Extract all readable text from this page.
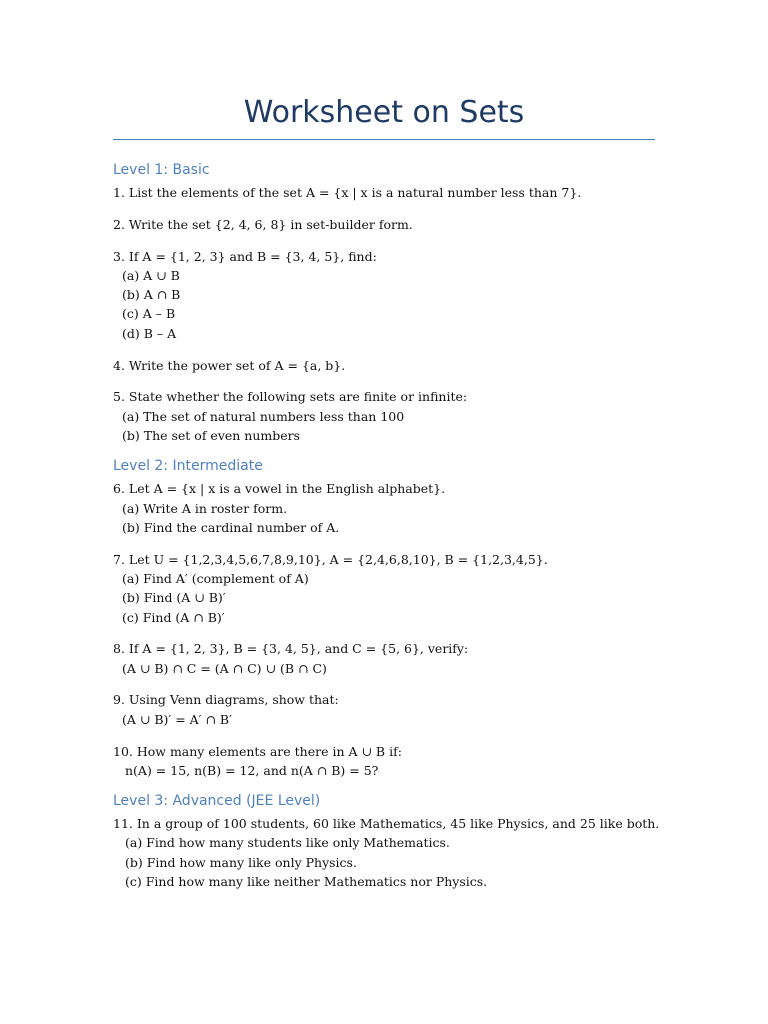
Worksheet on Sets
Level 1: Basic
1. List the elements of the set A = {x | x is a natural number less than 7}.
2. Write the set {2, 4, 6, 8} in set-builder form.
3. If A = {1, 2, 3} and B = {3, 4, 5}, find:
(a) A ∪ B
(b) A ∩ B
(c) A – B
(d) B – A
4. Write the power set of A = {a, b}.
5. State whether the following sets are finite or infinite:
(a) The set of natural numbers less than 100
(b) The set of even numbers
Level 2: Intermediate
6. Let A = {x | x is a vowel in the English alphabet}.
(a) Write A in roster form.
(b) Find the cardinal number of A.
7. Let U = {1,2,3,4,5,6,7,8,9,10}, A = {2,4,6,8,10}, B = {1,2,3,4,5}.
(a) Find A′ (complement of A)
(b) Find (A ∪ B)′
(c) Find (A ∩ B)′
8. If A = {1, 2, 3}, B = {3, 4, 5}, and C = {5, 6}, verify:
(A ∪ B) ∩ C = (A ∩ C) ∪ (B ∩ C)
9. Using Venn diagrams, show that:
(A ∪ B)′ = A′ ∩ B′
10. How many elements are there in A ∪ B if:
n(A) = 15, n(B) = 12, and n(A ∩ B) = 5?
Level 3: Advanced (JEE Level)
11. In a group of 100 students, 60 like Mathematics, 45 like Physics, and 25 like both.
(a) Find how many students like only Mathematics.
(b) Find how many like only Physics.
(c) Find how many like neither Mathematics nor Physics.
